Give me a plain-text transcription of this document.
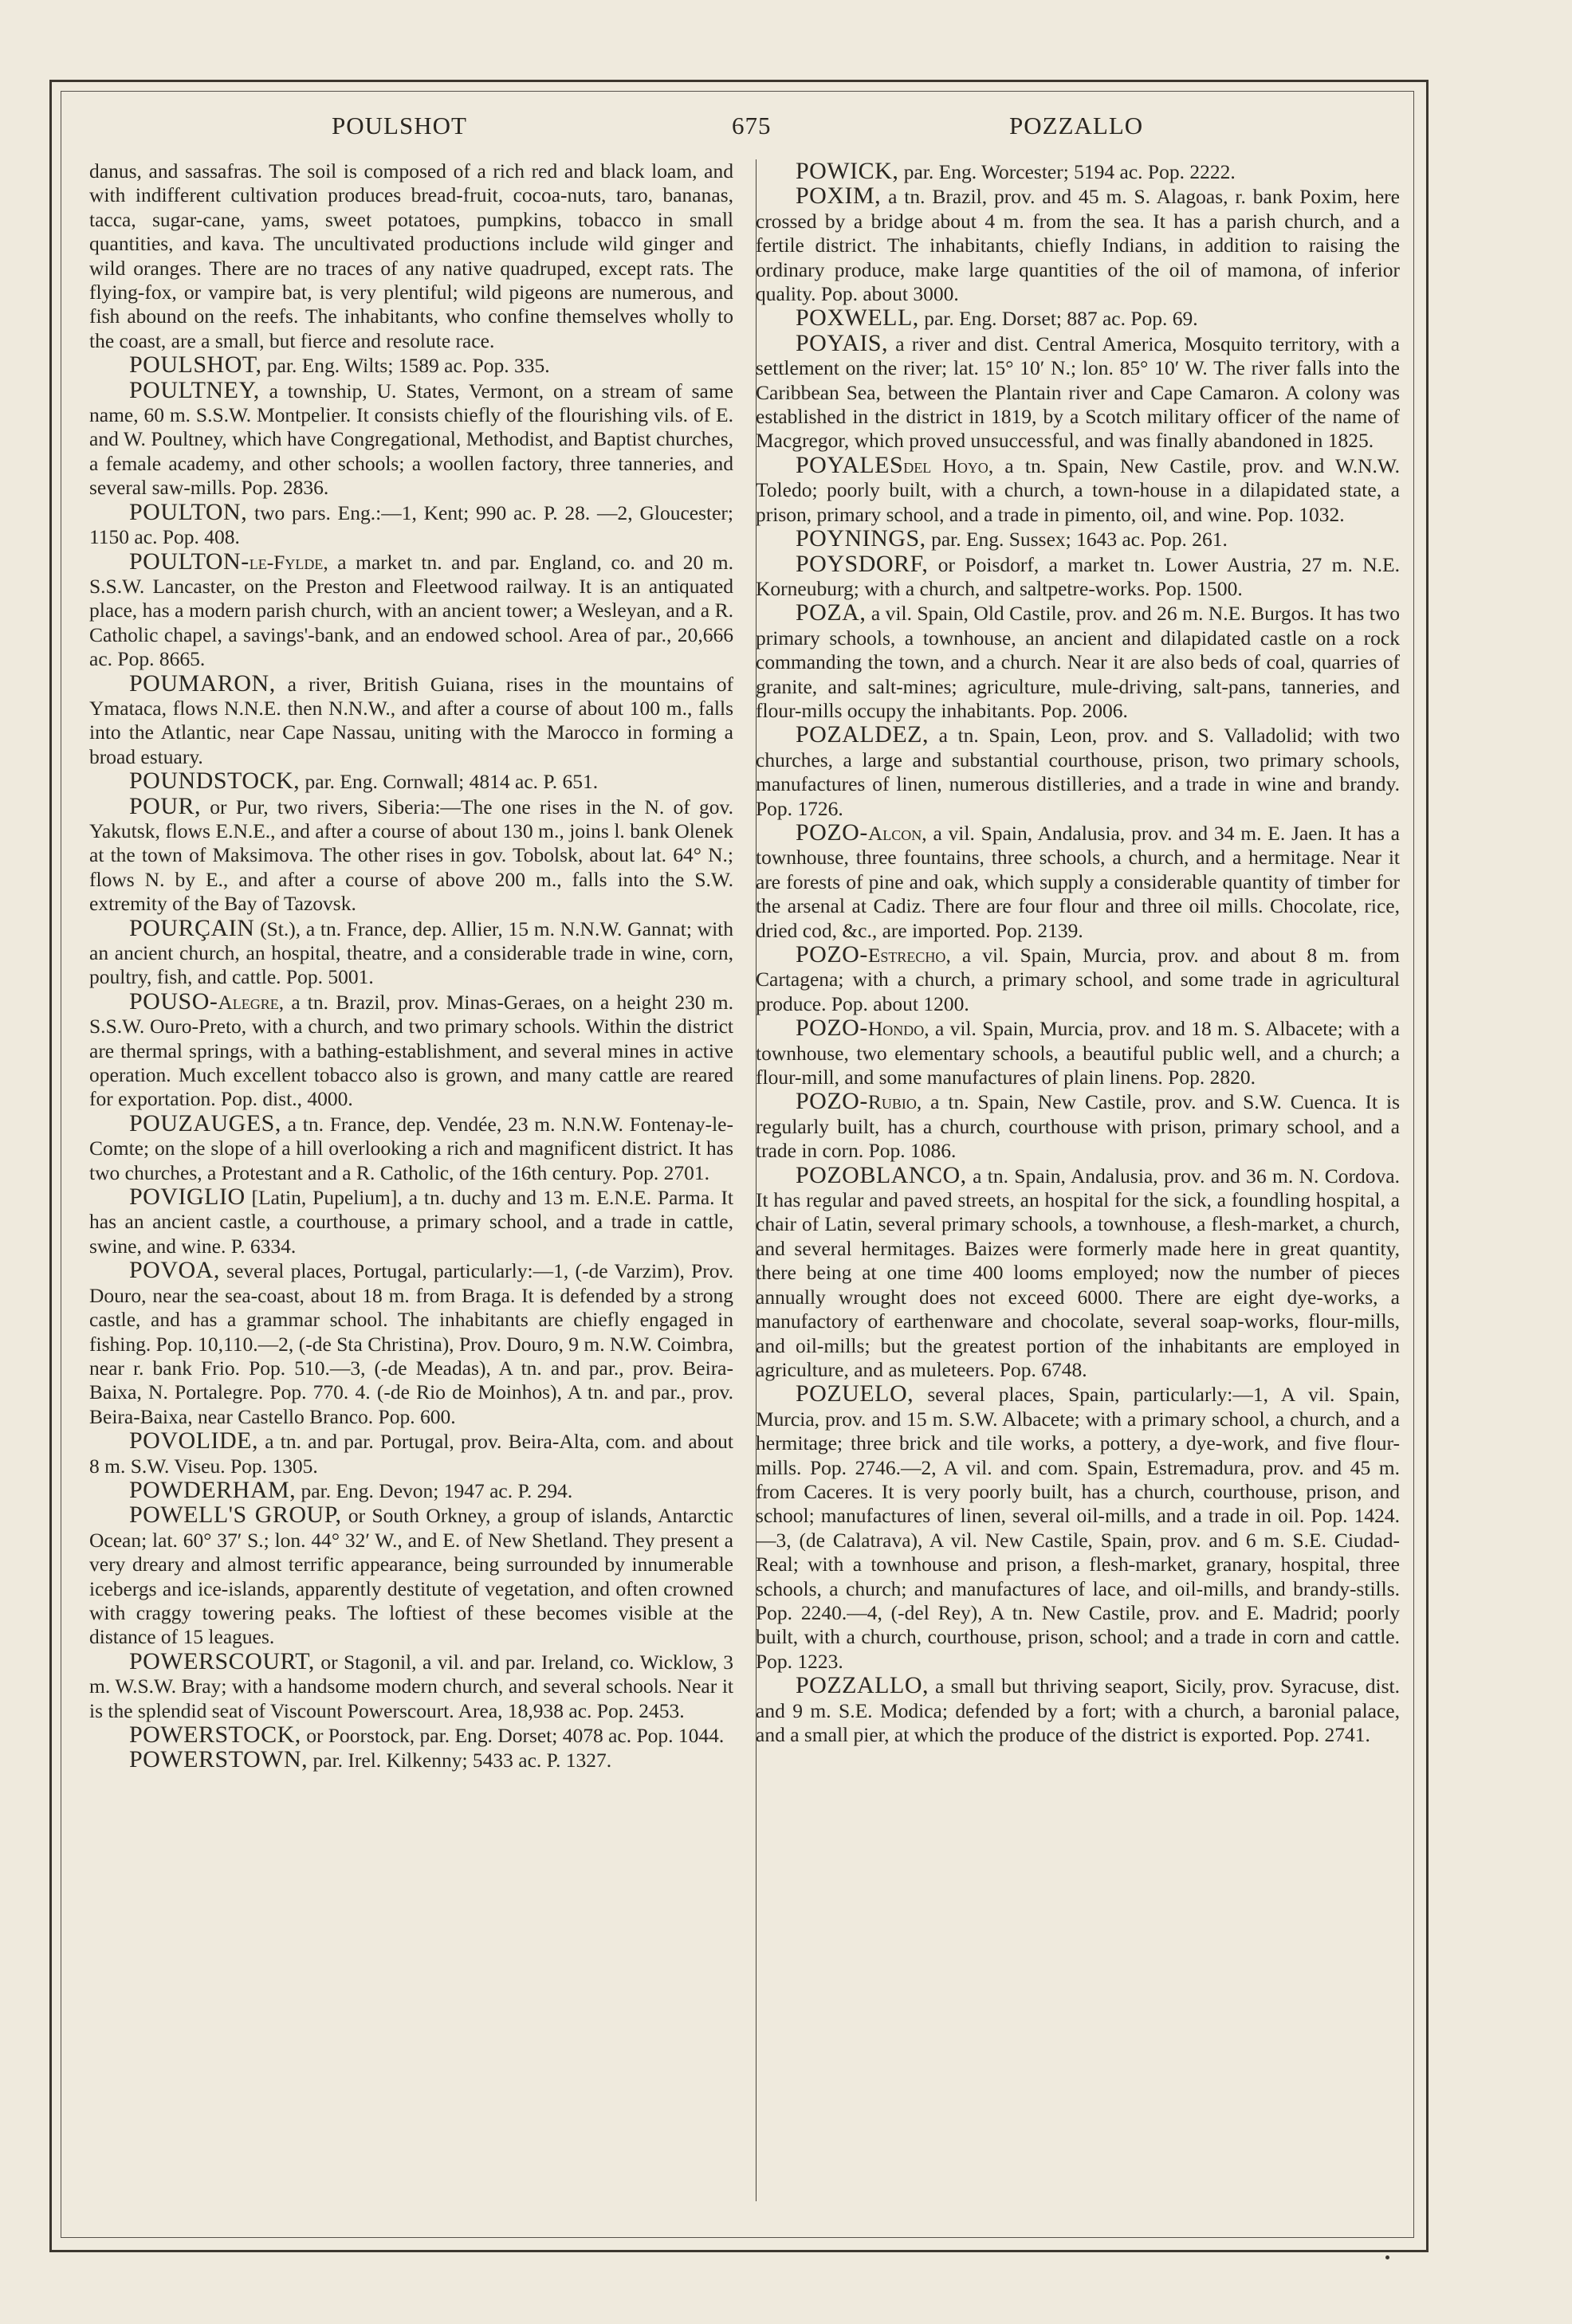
POULSHOT	675	POZZALLO

danus, and sassafras. The soil is composed of a rich red and black loam, and with indifferent cultivation produces bread-fruit, cocoa-nuts, taro, bananas, tacca, sugar-cane, yams, sweet potatoes, pumpkins, tobacco in small quantities, and kava. The uncultivated productions include wild ginger and wild oranges. There are no traces of any native quadruped, except rats. The flying-fox, or vampire bat, is very plentiful; wild pigeons are numerous, and fish abound on the reefs. The inhabitants, who confine themselves wholly to the coast, are a small, but fierce and resolute race.

POULSHOT, par. Eng. Wilts; 1589 ac. Pop. 335.

POULTNEY, a township, U. States, Vermont, on a stream of same name, 60 m. S.S.W. Montpelier. It consists chiefly of the flourishing vils. of E. and W. Poultney, which have Congregational, Methodist, and Baptist churches, a female academy, and other schools; a woollen factory, three tanneries, and several saw-mills. Pop. 2836.

POULTON, two pars. Eng.:—1, Kent; 990 ac. P. 28. —2, Gloucester; 1150 ac. Pop. 408.

POULTON-le-Fylde, a market tn. and par. England, co. and 20 m. S.S.W. Lancaster, on the Preston and Fleetwood railway. It is an antiquated place, has a modern parish church, with an ancient tower; a Wesleyan, and a R. Catholic chapel, a savings'-bank, and an endowed school. Area of par., 20,666 ac. Pop. 8665.

POUMARON, a river, British Guiana, rises in the mountains of Ymataca, flows N.N.E. then N.N.W., and after a course of about 100 m., falls into the Atlantic, near Cape Nassau, uniting with the Marocco in forming a broad estuary.

POUNDSTOCK, par. Eng. Cornwall; 4814 ac. P. 651.

POUR, or Pur, two rivers, Siberia:—The one rises in the N. of gov. Yakutsk, flows E.N.E., and after a course of about 130 m., joins l. bank Olenek at the town of Maksimova. The other rises in gov. Tobolsk, about lat. 64° N.; flows N. by E., and after a course of above 200 m., falls into the S.W. extremity of the Bay of Tazovsk.

POURÇAIN (St.), a tn. France, dep. Allier, 15 m. N.N.W. Gannat; with an ancient church, an hospital, theatre, and a considerable trade in wine, corn, poultry, fish, and cattle. Pop. 5001.

POUSO-Alegre, a tn. Brazil, prov. Minas-Geraes, on a height 230 m. S.S.W. Ouro-Preto, with a church, and two primary schools. Within the district are thermal springs, with a bathing-establishment, and several mines in active operation. Much excellent tobacco also is grown, and many cattle are reared for exportation. Pop. dist., 4000.

POUZAUGES, a tn. France, dep. Vendée, 23 m. N.N.W. Fontenay-le-Comte; on the slope of a hill overlooking a rich and magnificent district. It has two churches, a Protestant and a R. Catholic, of the 16th century. Pop. 2701.

POVIGLIO [Latin, Pupelium], a tn. duchy and 13 m. E.N.E. Parma. It has an ancient castle, a courthouse, a primary school, and a trade in cattle, swine, and wine. P. 6334.

POVOA, several places, Portugal, particularly:—1, (-de Varzim), Prov. Douro, near the sea-coast, about 18 m. from Braga. It is defended by a strong castle, and has a grammar school. The inhabitants are chiefly engaged in fishing. Pop. 10,110.—2, (-de Sta Christina), Prov. Douro, 9 m. N.W. Coimbra, near r. bank Frio. Pop. 510.—3, (-de Meadas), A tn. and par., prov. Beira-Baixa, N. Portalegre. Pop. 770. 4. (-de Rio de Moinhos), A tn. and par., prov. Beira-Baixa, near Castello Branco. Pop. 600.

POVOLIDE, a tn. and par. Portugal, prov. Beira-Alta, com. and about 8 m. S.W. Viseu. Pop. 1305.

POWDERHAM, par. Eng. Devon; 1947 ac. P. 294.

POWELL'S GROUP, or South Orkney, a group of islands, Antarctic Ocean; lat. 60° 37′ S.; lon. 44° 32′ W., and E. of New Shetland. They present a very dreary and almost terrific appearance, being surrounded by innumerable icebergs and ice-islands, apparently destitute of vegetation, and often crowned with craggy towering peaks. The loftiest of these becomes visible at the distance of 15 leagues.

POWERSCOURT, or Stagonil, a vil. and par. Ireland, co. Wicklow, 3 m. W.S.W. Bray; with a handsome modern church, and several schools. Near it is the splendid seat of Viscount Powerscourt. Area, 18,938 ac. Pop. 2453.

POWERSTOCK, or Poorstock, par. Eng. Dorset; 4078 ac. Pop. 1044.

POWERSTOWN, par. Irel. Kilkenny; 5433 ac. P. 1327.

POWICK, par. Eng. Worcester; 5194 ac. Pop. 2222.

POXIM, a tn. Brazil, prov. and 45 m. S. Alagoas, r. bank Poxim, here crossed by a bridge about 4 m. from the sea. It has a parish church, and a fertile district. The inhabitants, chiefly Indians, in addition to raising the ordinary produce, make large quantities of the oil of mamona, of inferior quality. Pop. about 3000.

POXWELL, par. Eng. Dorset; 887 ac. Pop. 69.

POYAIS, a river and dist. Central America, Mosquito territory, with a settlement on the river; lat. 15° 10′ N.; lon. 85° 10′ W. The river falls into the Caribbean Sea, between the Plantain river and Cape Camaron. A colony was established in the district in 1819, by a Scotch military officer of the name of Macgregor, which proved unsuccessful, and was finally abandoned in 1825.

POYALESdel Hoyo, a tn. Spain, New Castile, prov. and W.N.W. Toledo; poorly built, with a church, a town-house in a dilapidated state, a prison, primary school, and a trade in pimento, oil, and wine. Pop. 1032.

POYNINGS, par. Eng. Sussex; 1643 ac. Pop. 261.

POYSDORF, or Poisdorf, a market tn. Lower Austria, 27 m. N.E. Korneuburg; with a church, and saltpetre-works. Pop. 1500.

POZA, a vil. Spain, Old Castile, prov. and 26 m. N.E. Burgos. It has two primary schools, a townhouse, an ancient and dilapidated castle on a rock commanding the town, and a church. Near it are also beds of coal, quarries of granite, and salt-mines; agriculture, mule-driving, salt-pans, tanneries, and flour-mills occupy the inhabitants. Pop. 2006.

POZALDEZ, a tn. Spain, Leon, prov. and S. Valladolid; with two churches, a large and substantial courthouse, prison, two primary schools, manufactures of linen, numerous distilleries, and a trade in wine and brandy. Pop. 1726.

POZO-Alcon, a vil. Spain, Andalusia, prov. and 34 m. E. Jaen. It has a townhouse, three fountains, three schools, a church, and a hermitage. Near it are forests of pine and oak, which supply a considerable quantity of timber for the arsenal at Cadiz. There are four flour and three oil mills. Chocolate, rice, dried cod, &c., are imported. Pop. 2139.

POZO-Estrecho, a vil. Spain, Murcia, prov. and about 8 m. from Cartagena; with a church, a primary school, and some trade in agricultural produce. Pop. about 1200.

POZO-Hondo, a vil. Spain, Murcia, prov. and 18 m. S. Albacete; with a townhouse, two elementary schools, a beautiful public well, and a church; a flour-mill, and some manufactures of plain linens. Pop. 2820.

POZO-Rubio, a tn. Spain, New Castile, prov. and S.W. Cuenca. It is regularly built, has a church, courthouse with prison, primary school, and a trade in corn. Pop. 1086.

POZOBLANCO, a tn. Spain, Andalusia, prov. and 36 m. N. Cordova. It has regular and paved streets, an hospital for the sick, a foundling hospital, a chair of Latin, several primary schools, a townhouse, a flesh-market, a church, and several hermitages. Baizes were formerly made here in great quantity, there being at one time 400 looms employed; now the number of pieces annually wrought does not exceed 6000. There are eight dye-works, a manufactory of earthenware and chocolate, several soap-works, flour-mills, and oil-mills; but the greatest portion of the inhabitants are employed in agriculture, and as muleteers. Pop. 6748.

POZUELO, several places, Spain, particularly:—1, A vil. Spain, Murcia, prov. and 15 m. S.W. Albacete; with a primary school, a church, and a hermitage; three brick and tile works, a pottery, a dye-work, and five flour-mills. Pop. 2746.—2, A vil. and com. Spain, Estremadura, prov. and 45 m. from Caceres. It is very poorly built, has a church, courthouse, prison, and school; manufactures of linen, several oil-mills, and a trade in oil. Pop. 1424.—3, (de Calatrava), A vil. New Castile, Spain, prov. and 6 m. S.E. Ciudad-Real; with a townhouse and prison, a flesh-market, granary, hospital, three schools, a church; and manufactures of lace, and oil-mills, and brandy-stills. Pop. 2240.—4, (-del Rey), A tn. New Castile, prov. and E. Madrid; poorly built, with a church, courthouse, prison, school; and a trade in corn and cattle. Pop. 1223.

POZZALLO, a small but thriving seaport, Sicily, prov. Syracuse, dist. and 9 m. S.E. Modica; defended by a fort; with a church, a baronial palace, and a small pier, at which the produce of the district is exported. Pop. 2741.
